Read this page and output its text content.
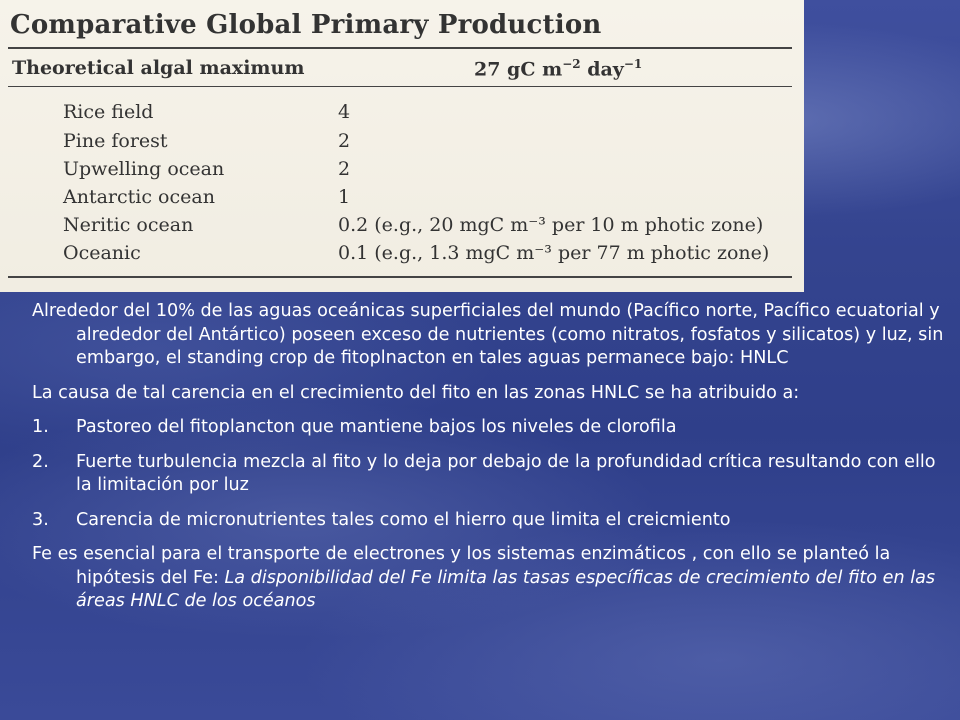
Comparative Global Primary Production
Theoretical algal maximum	27 gC $m^{-2}$ day$^{-1}$
Rice field	4
Pine forest	2
Upwelling ocean	2
Antarctic ocean	1
Neritic ocean	0.2 (e.g., 20 mgC m⁻³ per 10 m photic zone)
Oceanic	0.1 (e.g., 1.3 mgC m⁻³ per 77 m photic zone)

Alrededor del 10% de las aguas oceánicas superficiales del mundo (Pacífico norte, Pacífico ecuatorial y alrededor del Antártico) poseen exceso de nutrientes (como nitratos, fosfatos y silicatos) y luz, sin embargo, el standing crop de fitoplnacton en tales aguas permanece bajo: HNLC

La causa de tal carencia en el crecimiento del fito en las zonas HNLC se ha atribuido a:

1. Pastoreo del fitoplancton que mantiene bajos los niveles de clorofila
2. Fuerte turbulencia mezcla al fito y lo deja por debajo de la profundidad crítica resultando con ello la limitación por luz
3. Carencia de micronutrientes tales como el hierro que limita el creicmiento

Fe es esencial para el transporte de electrones y los sistemas enzimáticos , con ello se planteó la hipótesis del Fe: La disponibilidad del Fe limita las tasas específicas de crecimiento del fito en las áreas HNLC de los océanos
